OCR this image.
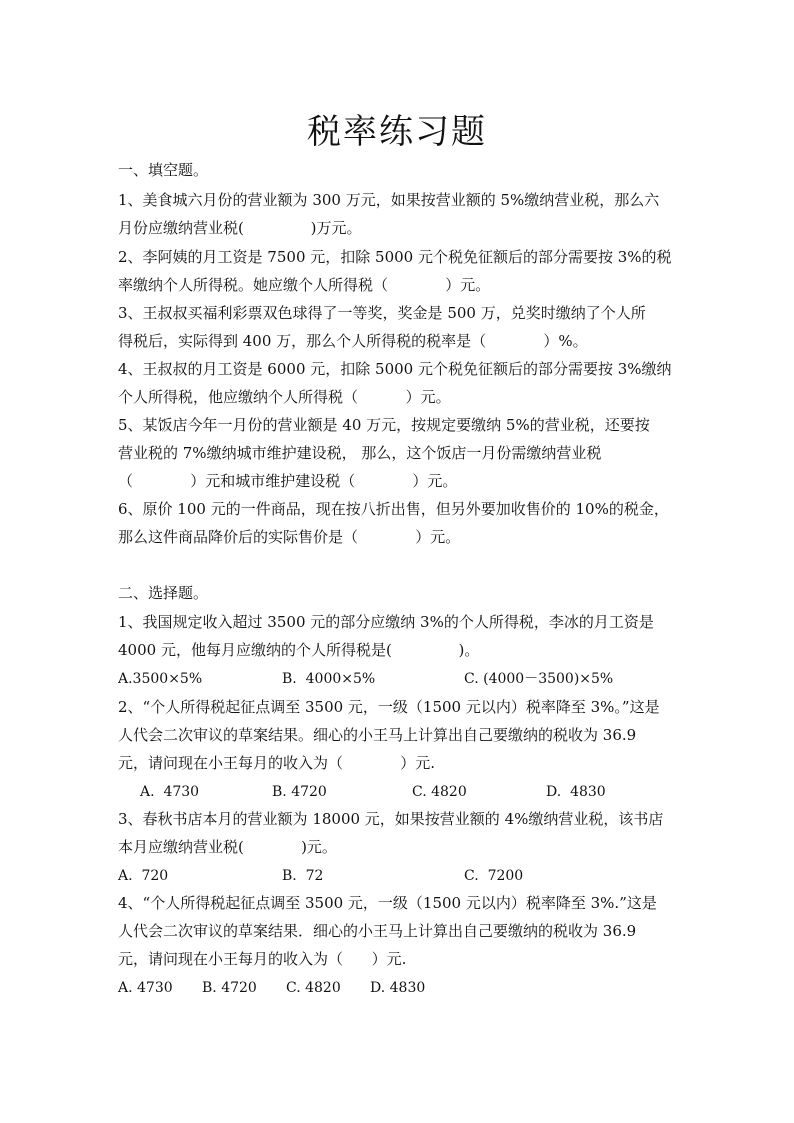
税率练习题
一、填空题。
1、美食城六月份的营业额为 300 万元，如果按营业额的 5%缴纳营业税，那么六
月份应缴纳营业税(              )万元。
2、李阿姨的月工资是 7500 元，扣除 5000 元个税免征额后的部分需要按 3%的税
率缴纳个人所得税。她应缴个人所得税（            ）元。
3、王叔叔买福利彩票双色球得了一等奖，奖金是 500 万，兑奖时缴纳了个人所
得税后，实际得到 400 万，那么个人所得税的税率是（            ）%。
4、王叔叔的月工资是 6000 元，扣除 5000 元个税免征额后的部分需要按 3%缴纳
个人所得税，他应缴纳个人所得税（          ）元。
5、某饭店今年一月份的营业额是 40 万元，按规定要缴纳 5%的营业税，还要按
营业税的 7%缴纳城市维护建设税， 那么，这个饭店一月份需缴纳营业税
（            ）元和城市维护建设税（            ）元。
6、原价 100 元的一件商品，现在按八折出售，但另外要加收售价的 10%的税金，
那么这件商品降价后的实际售价是（            ）元。
二、选择题。
1、我国规定收入超过 3500 元的部分应缴纳 3%的个人所得税，李冰的月工资是
4000 元，他每月应缴纳的个人所得税是(              )。
A.3500×5%	B.  4000×5%	C. (4000－3500)×5%
2、“个人所得税起征点调至 3500 元，一级（1500 元以内）税率降至 3%。”这是
人代会二次审议的草案结果。细心的小王马上计算出自己要缴纳的税收为 36.9
元，请问现在小王每月的收入为（            ）元.
A.  4730	B. 4720	C. 4820	D.  4830
3、春秋书店本月的营业额为 18000 元，如果按营业额的 4%缴纳营业税，该书店
本月应缴纳营业税(            )元。
A.  720	B.  72	C.  7200
4、“个人所得税起征点调至 3500 元，一级（1500 元以内）税率降至 3%.”这是
人代会二次审议的草案结果．细心的小王马上计算出自己要缴纳的税收为 36.9
元，请问现在小王每月的收入为（      ）元.
A. 4730 B. 4720 C. 4820 D. 4830
